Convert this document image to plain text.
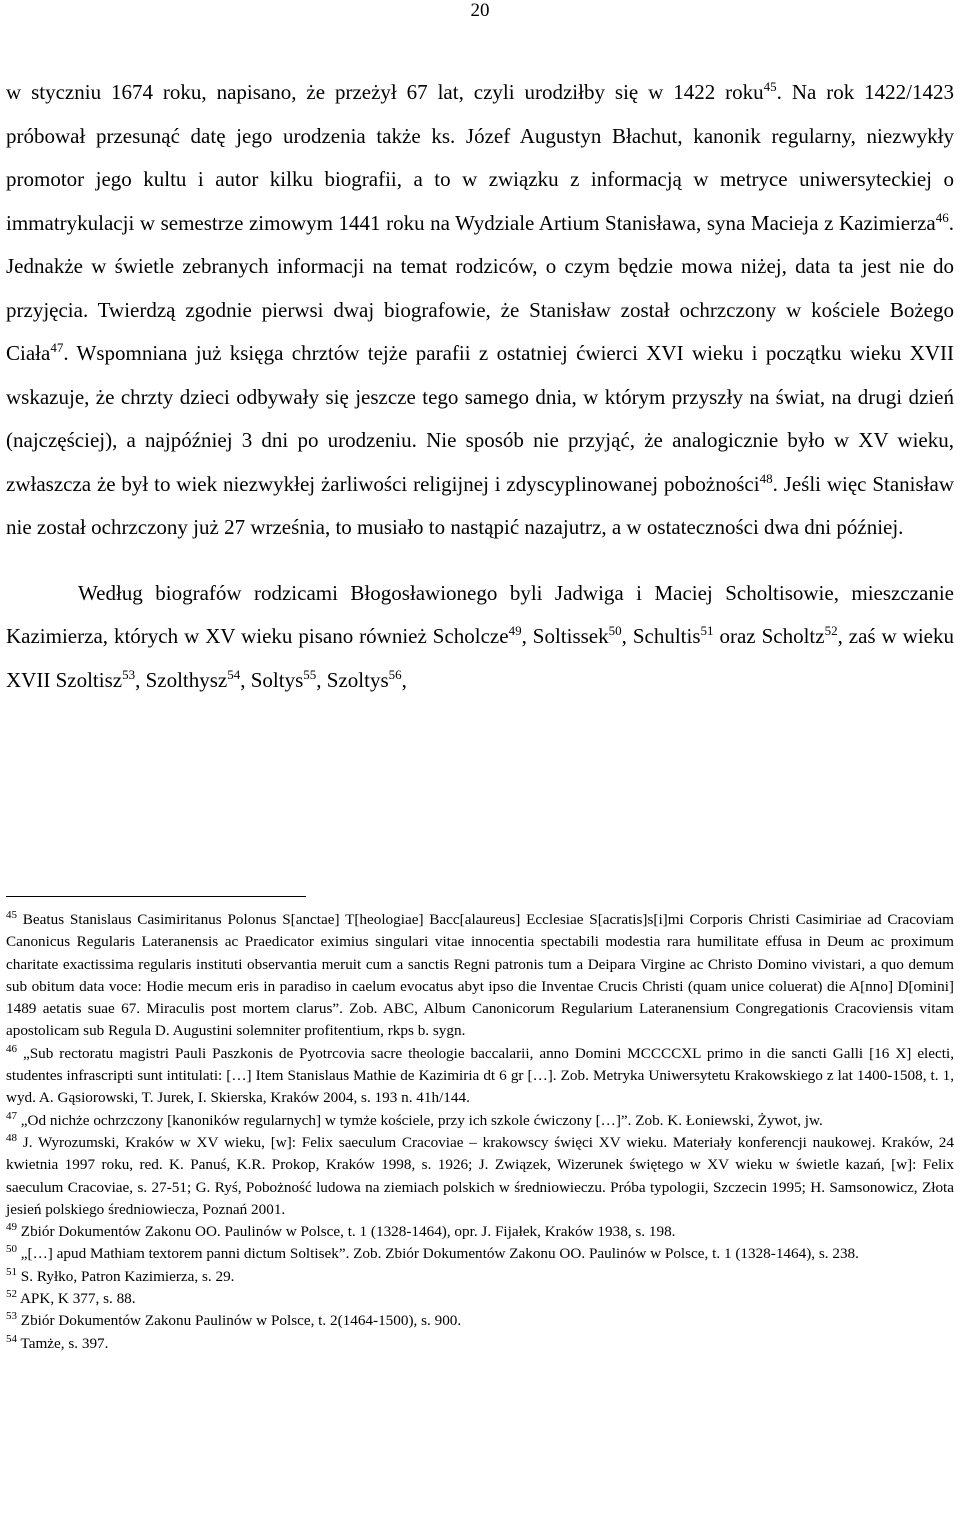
20

w styczniu 1674 roku, napisano, że przeżył 67 lat, czyli urodziłby się w 1422 roku$^{45}$. Na rok 1422/1423 próbował przesunąć datę jego urodzenia także ks. Józef Augustyn Błachut, kanonik regularny, niezwykły promotor jego kultu i autor kilku biografii, a to w związku z informacją w metryce uniwersyteckiej o immatrykulacji w semestrze zimowym 1441 roku na Wydziale Artium Stanisława, syna Macieja z Kazimierza$^{46}$. Jednakże w świetle zebranych informacji na temat rodziców, o czym będzie mowa niżej, data ta jest nie do przyjęcia. Twierdzą zgodnie pierwsi dwaj biografowie, że Stanisław został ochrzczony w kościele Bożego Ciała$^{47}$. Wspomniana już księga chrztów tejże parafii z ostatniej ćwierci XVI wieku i początku wieku XVII wskazuje, że chrzty dzieci odbywały się jeszcze tego samego dnia, w którym przyszły na świat, na drugi dzień (najczęściej), a najpóźniej 3 dni po urodzeniu. Nie sposób nie przyjąć, że analogicznie było w XV wieku, zwłaszcza że był to wiek niezwykłej żarliwości religijnej i zdyscyplinowanej pobożności$^{48}$. Jeśli więc Stanisław nie został ochrzczony już 27 września, to musiało to nastąpić nazajutrz, a w ostateczności dwa dni później.

Według biografów rodzicami Błogosławionego byli Jadwiga i Maciej Scholtisowie, mieszczanie Kazimierza, których w XV wieku pisano również Scholcze$^{49}$, Soltissek$^{50}$, Schultis$^{51}$ oraz Scholtz$^{52}$, zaś w wieku XVII Szoltisz$^{53}$, Szolthysz$^{54}$, Soltys$^{55}$, Szoltys$^{56}$,

$^{45}$ Beatus Stanislaus Casimiritanus Polonus S[anctae] T[heologiae] Bacc[alaureus] Ecclesiae S[acratis]s[i]mi Corporis Christi Casimiriae ad Cracoviam Canonicus Regularis Lateranensis ac Praedicator eximius singulari vitae innocentia spectabili modestia rara humilitate effusa in Deum ac proximum charitate exactissima regularis instituti observantia meruit cum a sanctis Regni patronis tum a Deipara Virgine ac Christo Domino vivistari, a quo demum sub obitum data voce: Hodie mecum eris in paradiso in caelum evocatus abyt ipso die Inventae Crucis Christi (quam unice coluerat) die A[nno] D[omini] 1489 aetatis suae 67. Miraculis post mortem clarus”. Zob. ABC, Album Canonicorum Regularium Lateranensium Congregationis Cracoviensis vitam apostolicam sub Regula D. Augustini solemniter profitentium, rkps b. sygn.

$^{46}$ „Sub rectoratu magistri Pauli Paszkonis de Pyotrcovia sacre theologie baccalarii, anno Domini MCCCCXL primo in die sancti Galli [16 X] electi, studentes infrascripti sunt intitulati: […] Item Stanislaus Mathie de Kazimiria dt 6 gr […]. Zob. Metryka Uniwersytetu Krakowskiego z lat 1400-1508, t. 1, wyd. A. Gąsiorowski, T. Jurek, I. Skierska, Kraków 2004, s. 193 n. 41h/144.

$^{47}$ „Od nichże ochrzczony [kanoników regularnych] w tymże kościele, przy ich szkole ćwiczony […]”. Zob. K. Łoniewski, Żywot, jw.

$^{48}$ J. Wyrozumski, Kraków w XV wieku, [w]: Felix saeculum Cracoviae – krakowscy święci XV wieku. Materiały konferencji naukowej. Kraków, 24 kwietnia 1997 roku, red. K. Panuś, K.R. Prokop, Kraków 1998, s. 1926; J. Związek, Wizerunek świętego w XV wieku w świetle kazań, [w]: Felix saeculum Cracoviae, s. 27-51; G. Ryś, Pobożność ludowa na ziemiach polskich w średniowieczu. Próba typologii, Szczecin 1995; H. Samsonowicz, Złota jesień polskiego średniowiecza, Poznań 2001.

$^{49}$ Zbiór Dokumentów Zakonu OO. Paulinów w Polsce, t. 1 (1328-1464), opr. J. Fijałek, Kraków 1938, s. 198.

$^{50}$ „[…] apud Mathiam textorem panni dictum Soltisek”. Zob. Zbiór Dokumentów Zakonu OO. Paulinów w Polsce, t. 1 (1328-1464), s. 238.

$^{51}$ S. Ryłko, Patron Kazimierza, s. 29.

$^{52}$ APK, K 377, s. 88.

$^{53}$ Zbiór Dokumentów Zakonu Paulinów w Polsce, t. 2(1464-1500), s. 900.

$^{54}$ Tamże, s. 397.
